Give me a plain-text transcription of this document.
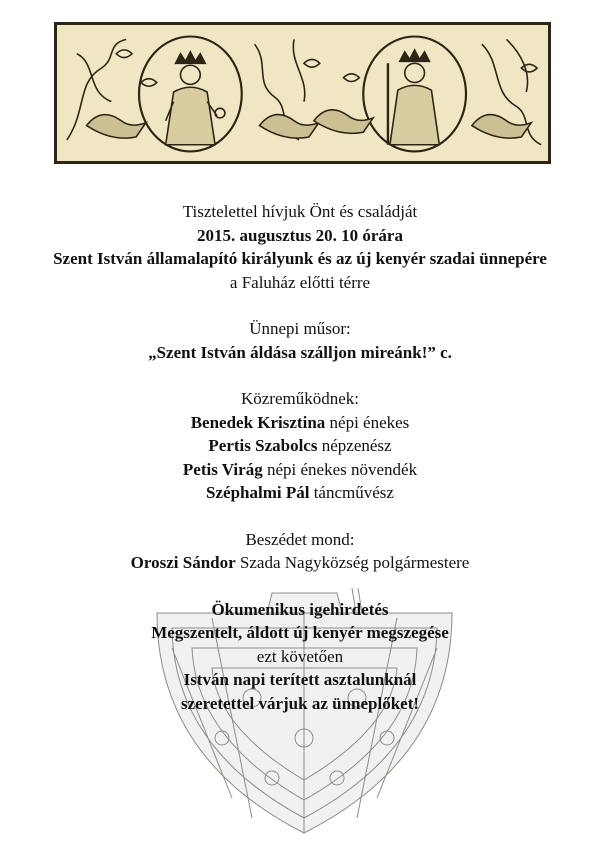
Tisztelettel hívjuk Önt és családját
2015. augusztus 20. 10 órára
Szent István államalapító királyunk és az új kenyér szadai ünnepére
a Faluház előtti térre
Ünnepi műsor:
„Szent István áldása szálljon mireánk!” c.
Közreműködnek:
Benedek Krisztina népi énekes
Pertis Szabolcs népzenész
Petis Virág népi énekes növendék
Széphalmi Pál táncművész
Beszédet mond:
Oroszi Sándor Szada Nagyközség polgármestere
Ökumenikus igehirdetés
Megszentelt, áldott új kenyér megszegése
ezt követően
István napi terített asztalunknál
szeretettel várjuk az ünneplőket!
